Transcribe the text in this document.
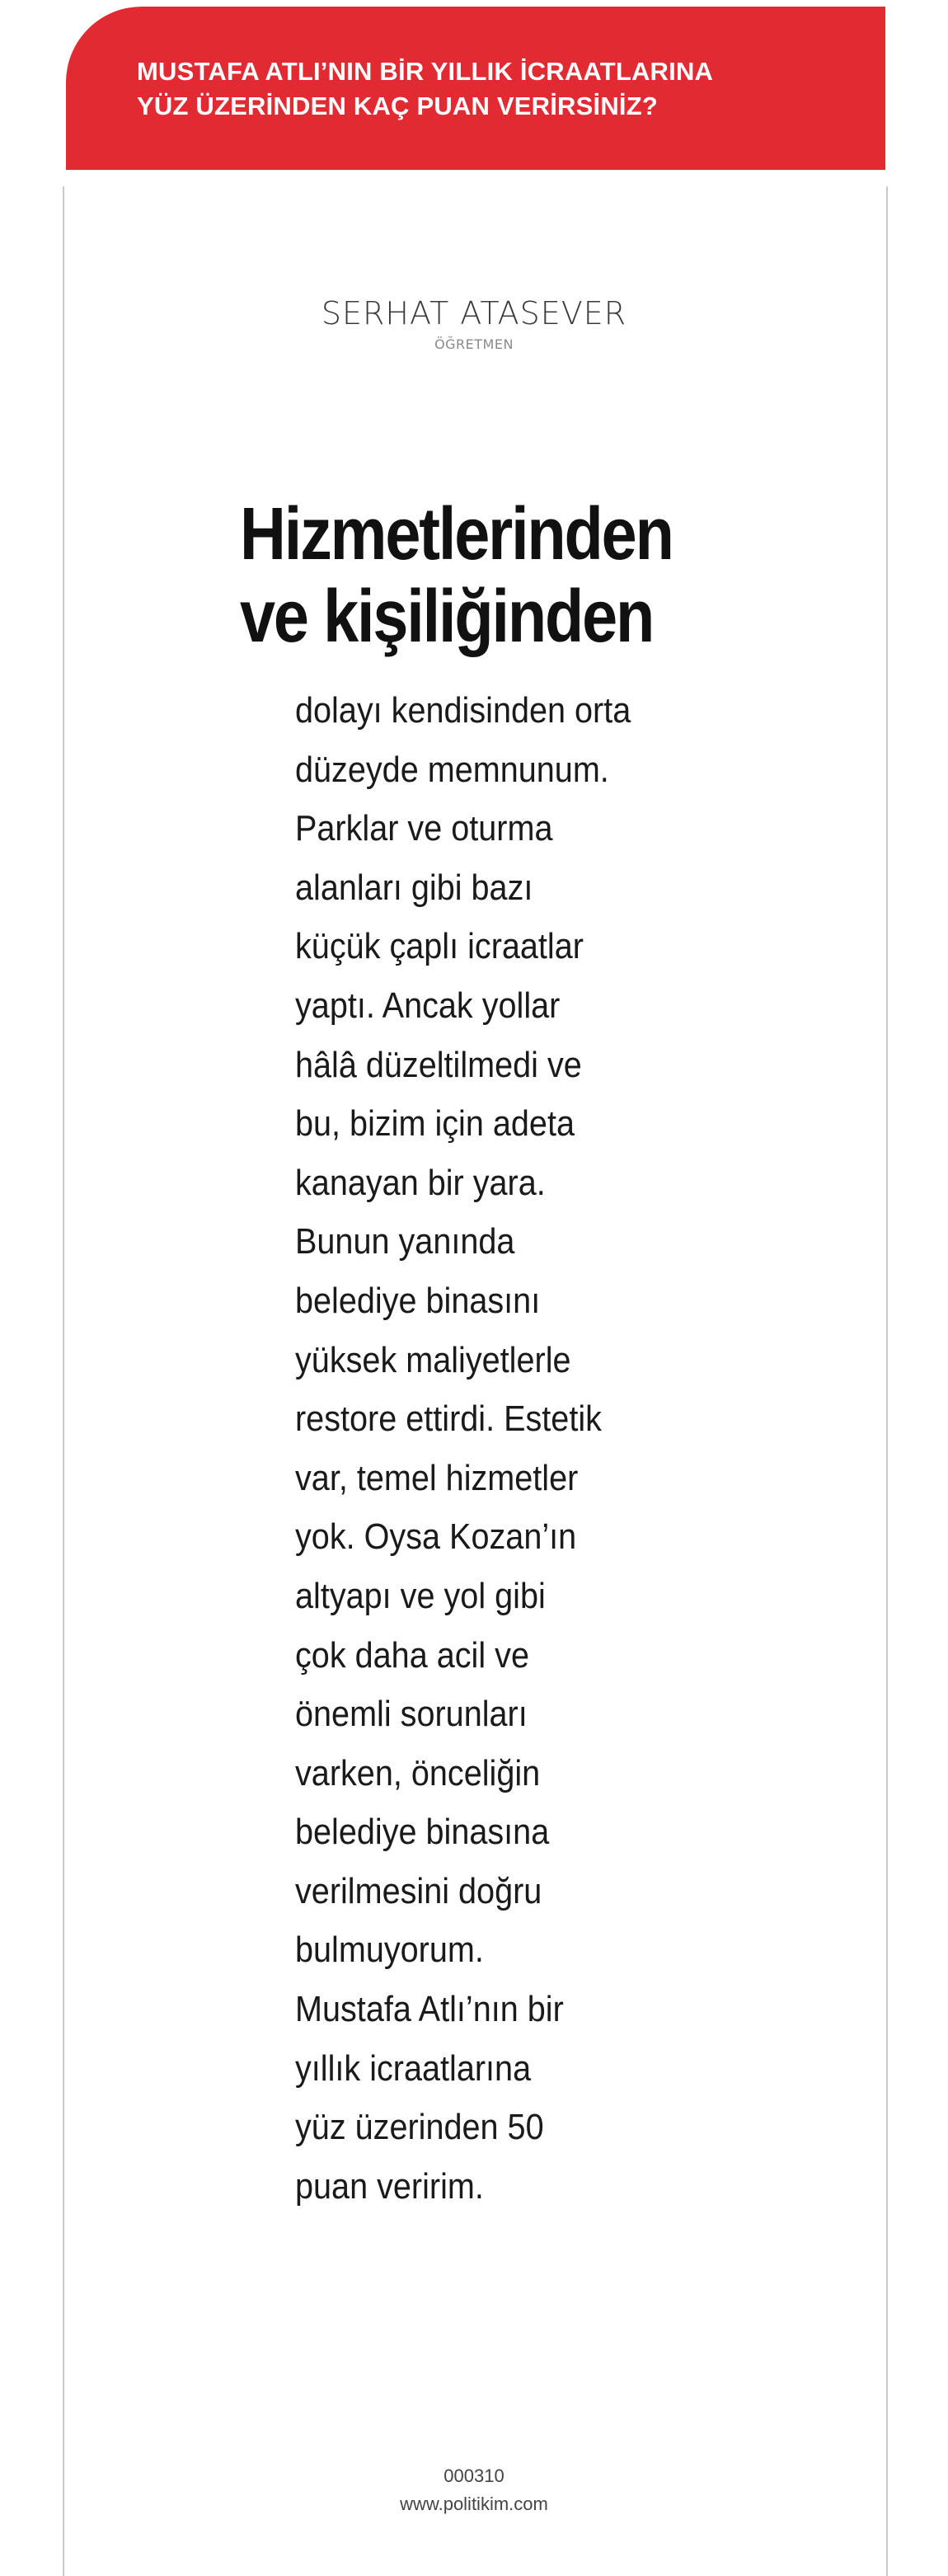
MUSTAFA ATLI’NIN BİR YILLIK İCRAATLARINA
YÜZ ÜZERİNDEN KAÇ PUAN VERİRSİNİZ?
SERHAT ATASEVER
ÖĞRETMEN
Hizmetlerinden
ve kişiliğinden
dolayı kendisinden orta
düzeyde memnunum.
Parklar ve oturma
alanları gibi bazı
küçük çaplı icraatlar
yaptı. Ancak yollar
hâlâ düzeltilmedi ve
bu, bizim için adeta
kanayan bir yara.
Bunun yanında
belediye binasını
yüksek maliyetlerle
restore ettirdi. Estetik
var, temel hizmetler
yok. Oysa Kozan’ın
altyapı ve yol gibi
çok daha acil ve
önemli sorunları
varken, önceliğin
belediye binasına
verilmesini doğru
bulmuyorum.
Mustafa Atlı’nın bir
yıllık icraatlarına
yüz üzerinden 50
puan veririm.
000310
www.politikim.com
